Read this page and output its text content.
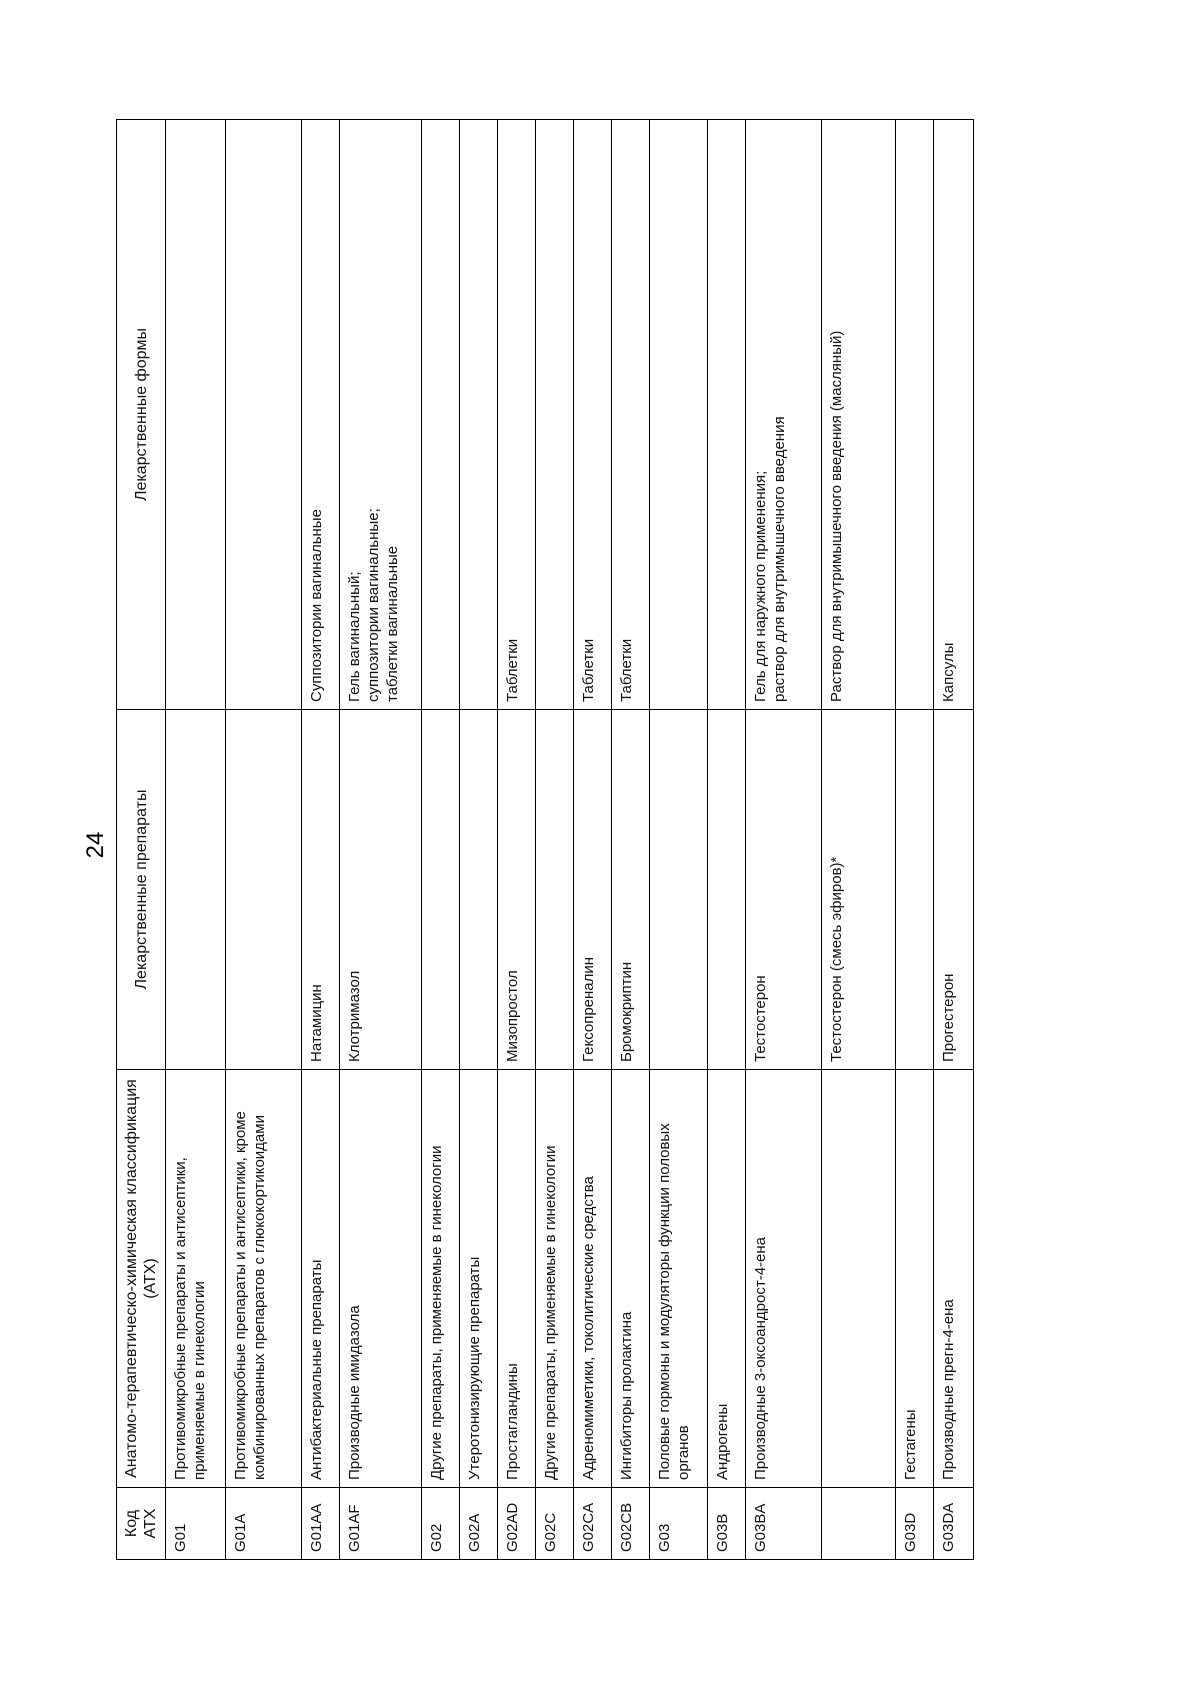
24
Код АТХ	Анатомо-терапевтическо-химическая классификация (АТХ)	Лекарственные препараты	Лекарственные формы
G01	Противомикробные препараты и антисептики, применяемые в гинекологии		
G01A	Противомикробные препараты и антисептики, кроме комбинированных препаратов с глюкокортикоидами		
G01AA	Антибактериальные препараты	Натамицин	Суппозитории вагинальные

G01AF	Производные имидазола	Клотримазол	Гель вагинальный; суппозитории вагинальные; таблетки вагинальные

G02	Другие препараты, применяемые в гинекологии		
G02A	Утеротонизирующие препараты		
G02AD	Простагландины	Мизопростол	Таблетки

G02C	Другие препараты, применяемые в гинекологии		
G02CA	Адреномиметики, токолитические средства	Гексопреналин	Таблетки

G02CB	Ингибиторы пролактина	Бромокриптин	Таблетки

G03	Половые гормоны и модуляторы функции половых органов		
G03B	Андрогены		
G03BA	Производные 3-оксоандрост-4-ена	Тестостерон	Гель для наружного применения; раствор для внутримышечного введения

		Тестостерон (смесь эфиров)*	Раствор для внутримышечного введения (масляный)

G03D	Гестагены		
G03DA	Производные прегн-4-ена	Прогестерон	Капсулы
